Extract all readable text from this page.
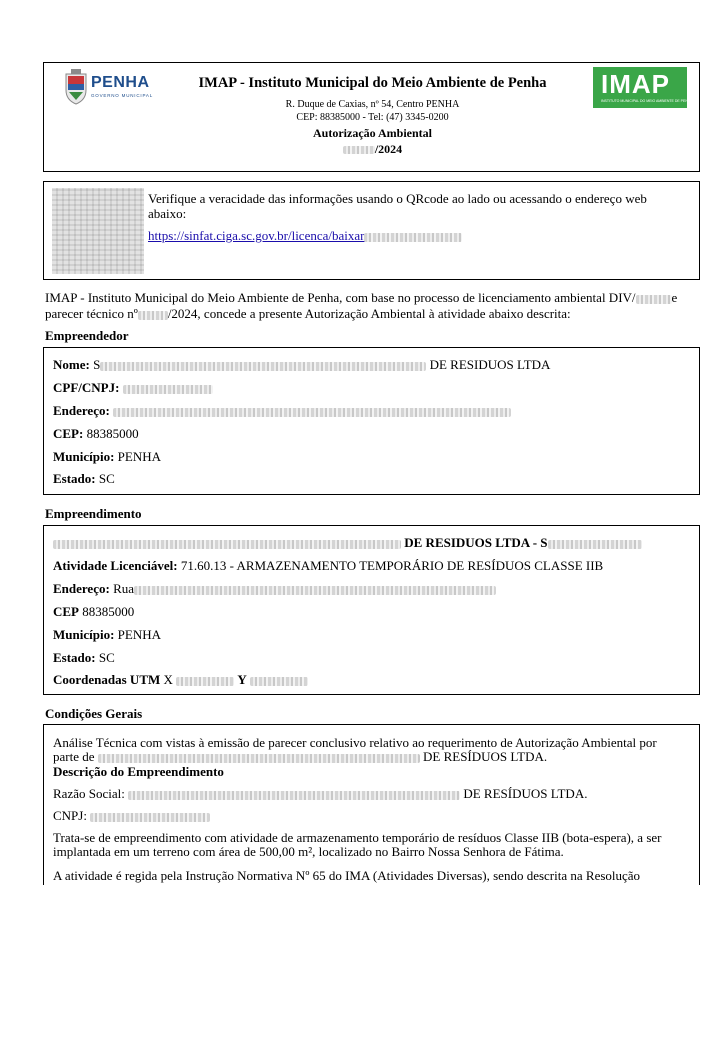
PENHA
GOVERNO MUNICIPAL
IMAP - Instituto Municipal do Meio Ambiente de Penha
R. Duque de Caxias, nº 54, Centro PENHA
CEP: 88385000 - Tel: (47) 3345-0200
Autorização Ambiental
/2024
IMAP
INSTITUTO MUNICIPAL DO MEIO AMBIENTE DE PENHA
Verifique a veracidade das informações usando o QRcode ao lado ou acessando o endereço web abaixo:
https://sinfat.ciga.sc.gov.br/licenca/baixar
IMAP - Instituto Municipal do Meio Ambiente de Penha, com base no processo de licenciamento ambiental DIV/	e parecer técnico nº /2024, concede a presente Autorização Ambiental à atividade abaixo descrita:
Empreendedor
Nome: S	DE RESIDUOS LTDA
CPF/CNPJ:
Endereço:
CEP: 88385000
Município: PENHA
Estado: SC
Empreendimento
DE RESIDUOS LTDA - S
Atividade Licenciável: 71.60.13 - ARMAZENAMENTO TEMPORÁRIO DE RESÍDUOS CLASSE IIB
Endereço: Rua
CEP 88385000
Município: PENHA
Estado: SC
Coordenadas UTM X	Y
Condições Gerais
Análise Técnica com vistas à emissão de parecer conclusivo relativo ao requerimento de Autorização Ambiental por
parte de	DE RESÍDUOS LTDA.
Descrição do Empreendimento
Razão Social:	DE RESÍDUOS LTDA.
CNPJ:
Trata-se de empreendimento com atividade de armazenamento temporário de resíduos Classe IIB (bota-espera), a ser implantada em um terreno com área de 500,00 m², localizado no Bairro Nossa Senhora de Fátima.
A atividade é regida pela Instrução Normativa Nº 65 do IMA (Atividades Diversas), sendo descrita na Resolução
